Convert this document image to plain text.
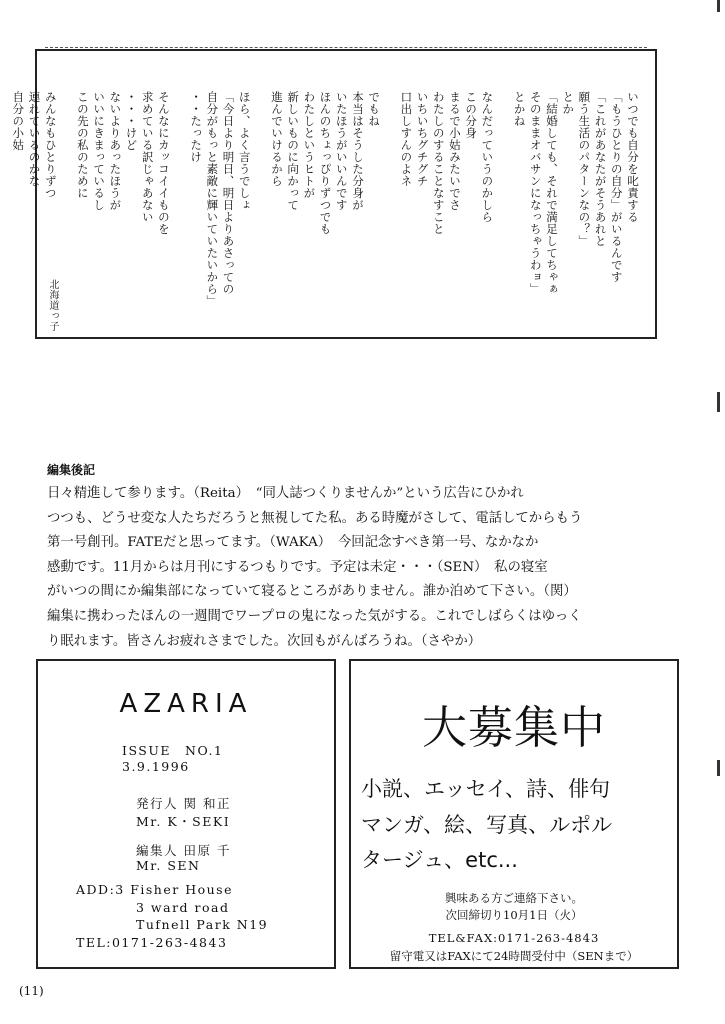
いつでも自分を叱責する
「もうひとりの自分」がいるんです
「これがあなたがそうあれと
願う生活のパターンなの？」
とか
「結婚しても、それで満足してちゃぁ
そのままオバサンになっちゃうわョ」
とかね
なんだっていうのかしら
この分身
まるで小姑みたいでさ
わたしのすることなすこと
いちいちグチグチ
口出しすんのよネ
でもね
本当はそうした分身が
いたほうがいいんです
ほんのちょっぴりずつでも
わたしというヒトが
新しいものに向かって
進んでいけるから
ほら、よく言うでしょ
「今日より明日、明日よりあさっての
自分がもっと素敵に輝いていたいから」
・・たったけ
そんなにカッコイイものを
求めている訳じゃあない
・・・けど
ないよりあったほうが
いいにきまっているし
この先の私のために
みんなもひとりずつ
連れているのかな
自分の小姑
北海道っ子
編集後記
日々精進して参ります。（Reita）　“同人誌つくりませんか”という広告にひかれ
つつも、どうせ変な人たちだろうと無視してた私。ある時魔がさして、電話してからもう
第一号創刊。FATEだと思ってます。（WAKA）　今回記念すべき第一号、なかなか
感動です。11月からは月刊にするつもりです。予定は未定・・・（SEN）　私の寝室
がいつの間にか編集部になっていて寝るところがありません。誰か泊めて下さい。（関）
編集に携わったほんの一週間でワープロの鬼になった気がする。これでしばらくはゆっく
り眠れます。皆さんお疲れさまでした。次回もがんばろうね。（さやか）
AZARIA
ISSUE　NO.1
3.9.1996
発行人 関 和正
Mr. K・SEKI
編集人 田原 千
Mr. SEN
ADD:3 Fisher House
3 ward road
Tufnell Park N19
TEL:0171-263-4843
大募集中
小説、エッセイ、詩、俳句
マンガ、絵、写真、ルポル
タージュ、etc...
興味ある方ご連絡下さい。
次回締切り10月1日（火）
TEL&FAX:0171-263-4843
留守電又はFAXにて24時間受付中（SENまで）
(11)
